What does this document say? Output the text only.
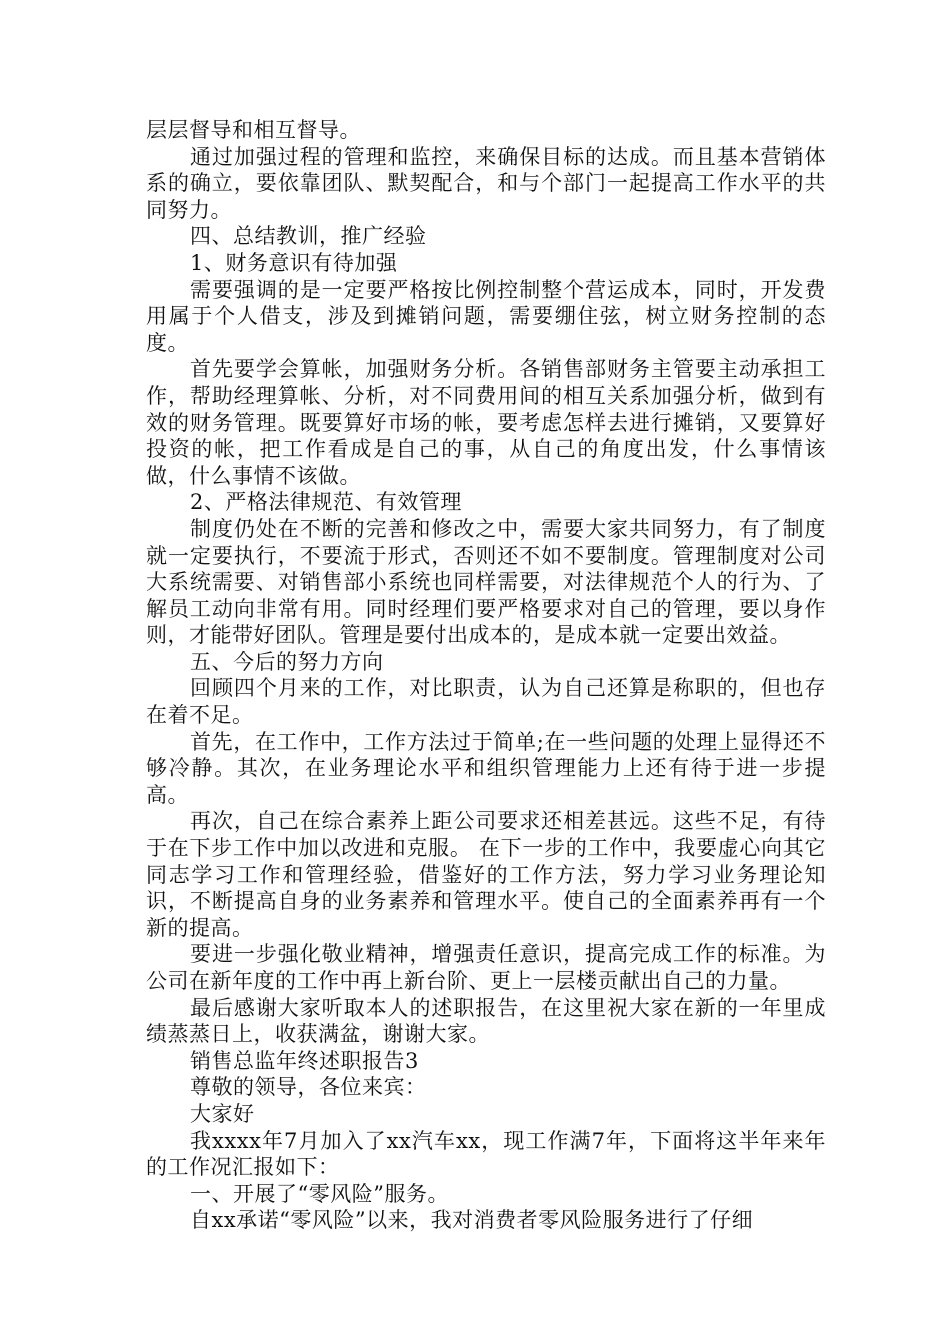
层层督导和相互督导。

通过加强过程的管理和监控，来确保目标的达成。而且基本营销体系的确立，要依靠团队、默契配合，和与个部门一起提高工作水平的共同努力。

四、总结教训，推广经验

1、财务意识有待加强

需要强调的是一定要严格按比例控制整个营运成本，同时，开发费用属于个人借支，涉及到摊销问题，需要绷住弦，树立财务控制的态度。

首先要学会算帐，加强财务分析。各销售部财务主管要主动承担工作，帮助经理算帐、分析，对不同费用间的相互关系加强分析，做到有效的财务管理。既要算好市场的帐，要考虑怎样去进行摊销，又要算好投资的帐，把工作看成是自己的事，从自己的角度出发，什么事情该做，什么事情不该做。

2、严格法律规范、有效管理

制度仍处在不断的完善和修改之中，需要大家共同努力，有了制度就一定要执行，不要流于形式，否则还不如不要制度。管理制度对公司大系统需要、对销售部小系统也同样需要，对法律规范个人的行为、了解员工动向非常有用。同时经理们要严格要求对自己的管理，要以身作则，才能带好团队。管理是要付出成本的，是成本就一定要出效益。

五、今后的努力方向

回顾四个月来的工作，对比职责，认为自己还算是称职的，但也存在着不足。

首先，在工作中，工作方法过于简单;在一些问题的处理上显得还不够冷静。其次，在业务理论水平和组织管理能力上还有待于进一步提高。

再次，自己在综合素养上距公司要求还相差甚远。这些不足，有待于在下步工作中加以改进和克服。 在下一步的工作中，我要虚心向其它同志学习工作和管理经验，借鉴好的工作方法，努力学习业务理论知识，不断提高自身的业务素养和管理水平。使自己的全面素养再有一个新的提高。

要进一步强化敬业精神，增强责任意识，提高完成工作的标准。为公司在新年度的工作中再上新台阶、更上一层楼贡献出自己的力量。

最后感谢大家听取本人的述职报告，在这里祝大家在新的一年里成绩蒸蒸日上，收获满盆，谢谢大家。

销售总监年终述职报告3

尊敬的领导，各位来宾：

大家好

我xxxx年7月加入了xx汽车xx，现工作满7年，下面将这半年来年的工作况汇报如下：

一、开展了“零风险”服务。

自xx承诺“零风险”以来，我对消费者零风险服务进行了仔细
